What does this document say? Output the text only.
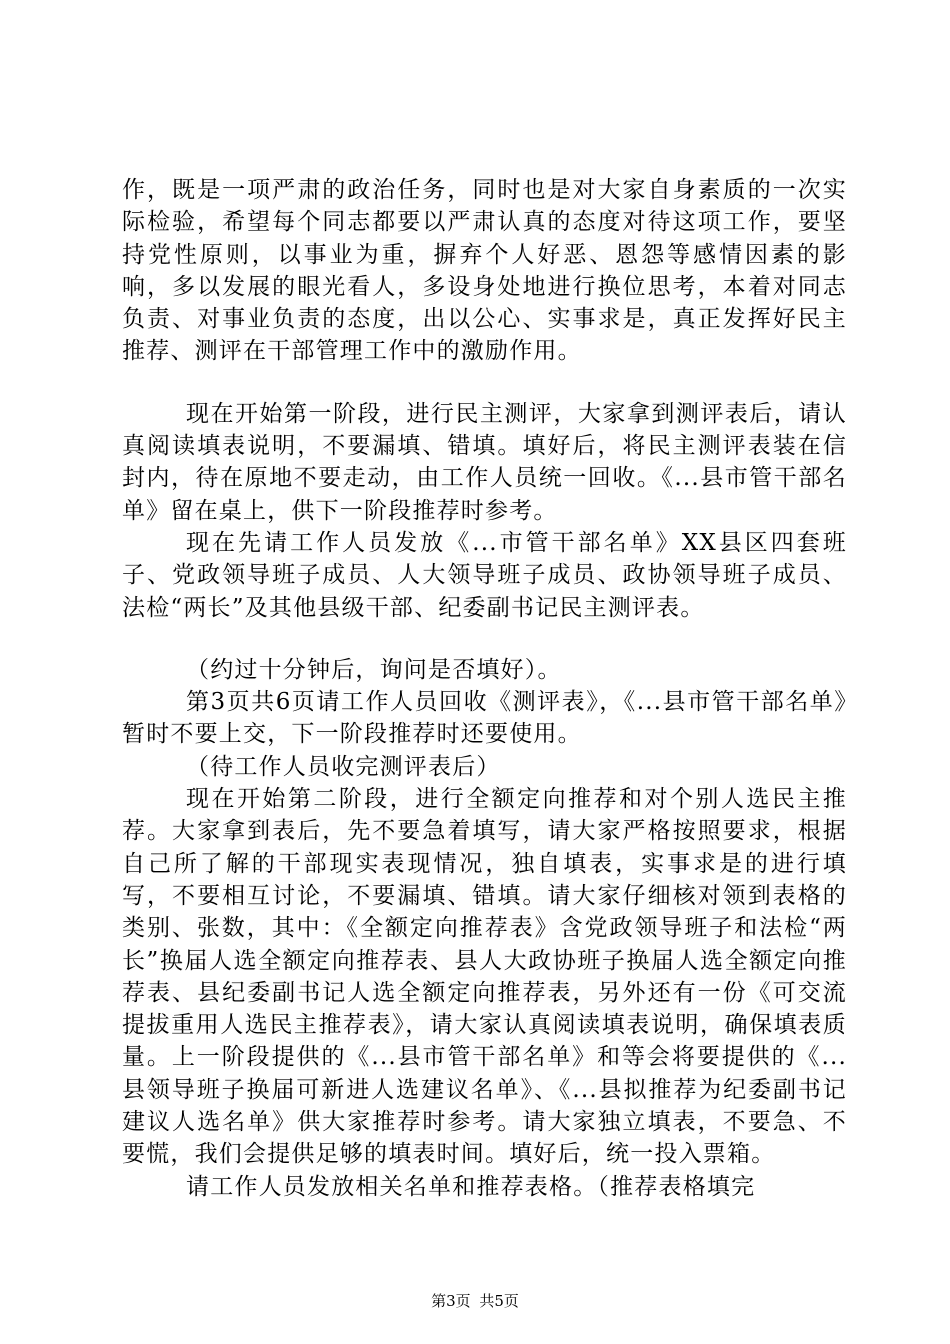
作，既是一项严肃的政治任务，同时也是对大家自身素质的一次实际检验，希望每个同志都要以严肃认真的态度对待这项工作，要坚持党性原则，以事业为重，摒弃个人好恶、恩怨等感情因素的影响，多以发展的眼光看人，多设身处地进行换位思考，本着对同志负责、对事业负责的态度，出以公心、实事求是，真正发挥好民主推荐、测评在干部管理工作中的激励作用。

现在开始第一阶段，进行民主测评，大家拿到测评表后，请认真阅读填表说明，不要漏填、错填。填好后，将民主测评表装在信封内，待在原地不要走动，由工作人员统一回收。《...县市管干部名单》留在桌上，供下一阶段推荐时参考。

现在先请工作人员发放《...市管干部名单》XX县区四套班子、党政领导班子成员、人大领导班子成员、政协领导班子成员、法检“两长”及其他县级干部、纪委副书记民主测评表。

（约过十分钟后，询问是否填好）。

第3页共6页请工作人员回收《测评表》，《...县市管干部名单》暂时不要上交，下一阶段推荐时还要使用。

（待工作人员收完测评表后）

现在开始第二阶段，进行全额定向推荐和对个别人选民主推荐。大家拿到表后，先不要急着填写，请大家严格按照要求，根据自己所了解的干部现实表现情况，独自填表，实事求是的进行填写，不要相互讨论，不要漏填、错填。请大家仔细核对领到表格的类别、张数，其中：《全额定向推荐表》含党政领导班子和法检“两长”换届人选全额定向推荐表、县人大政协班子换届人选全额定向推荐表、县纪委副书记人选全额定向推荐表，另外还有一份《可交流提拔重用人选民主推荐表》，请大家认真阅读填表说明，确保填表质量。上一阶段提供的《...县市管干部名单》和等会将要提供的《...县领导班子换届可新进人选建议名单》、《...县拟推荐为纪委副书记建议人选名单》供大家推荐时参考。请大家独立填表，不要急、不要慌，我们会提供足够的填表时间。填好后，统一投入票箱。

请工作人员发放相关名单和推荐表格。（推荐表格填完

第3页 共5页
